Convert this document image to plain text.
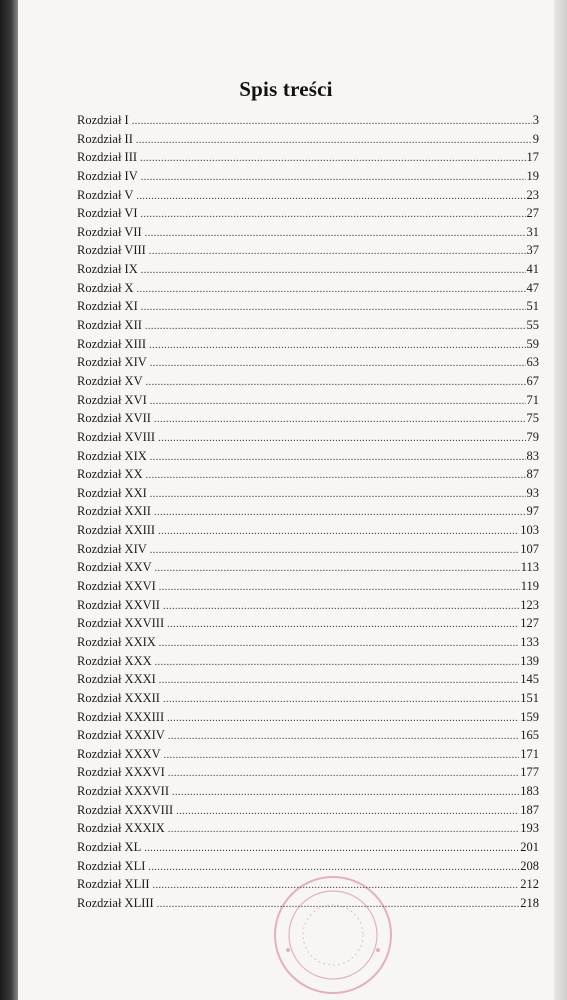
Spis treści
Rozdział I .....	3
Rozdział II .....	9
Rozdział III .....	17
Rozdział IV .....	19
Rozdział V .....	23
Rozdział VI .....	27
Rozdział VII .....	31
Rozdział VIII .....	37
Rozdział IX .....	41
Rozdział X .....	47
Rozdział XI .....	51
Rozdział XII .....	55
Rozdział XIII .....	59
Rozdział XIV .....	63
Rozdział XV .....	67
Rozdział XVI .....	71
Rozdział XVII .....	75
Rozdział XVIII .....	79
Rozdział XIX .....	83
Rozdział XX .....	87
Rozdział XXI .....	93
Rozdział XXII .....	97
Rozdział XXIII .....	103
Rozdział XIV .....	107
Rozdział XXV .....	113
Rozdział XXVI .....	119
Rozdział XXVII .....	123
Rozdział XXVIII .....	127
Rozdział XXIX .....	133
Rozdział XXX .....	139
Rozdział XXXI .....	145
Rozdział XXXII .....	151
Rozdział XXXIII .....	159
Rozdział XXXIV .....	165
Rozdział XXXV .....	171
Rozdział XXXVI .....	177
Rozdział XXXVII .....	183
Rozdział XXXVIII .....	187
Rozdział XXXIX .....	193
Rozdział XL .....	201
Rozdział XLI .....	208
Rozdział XLII .....	212
Rozdział XLIII .....	218
